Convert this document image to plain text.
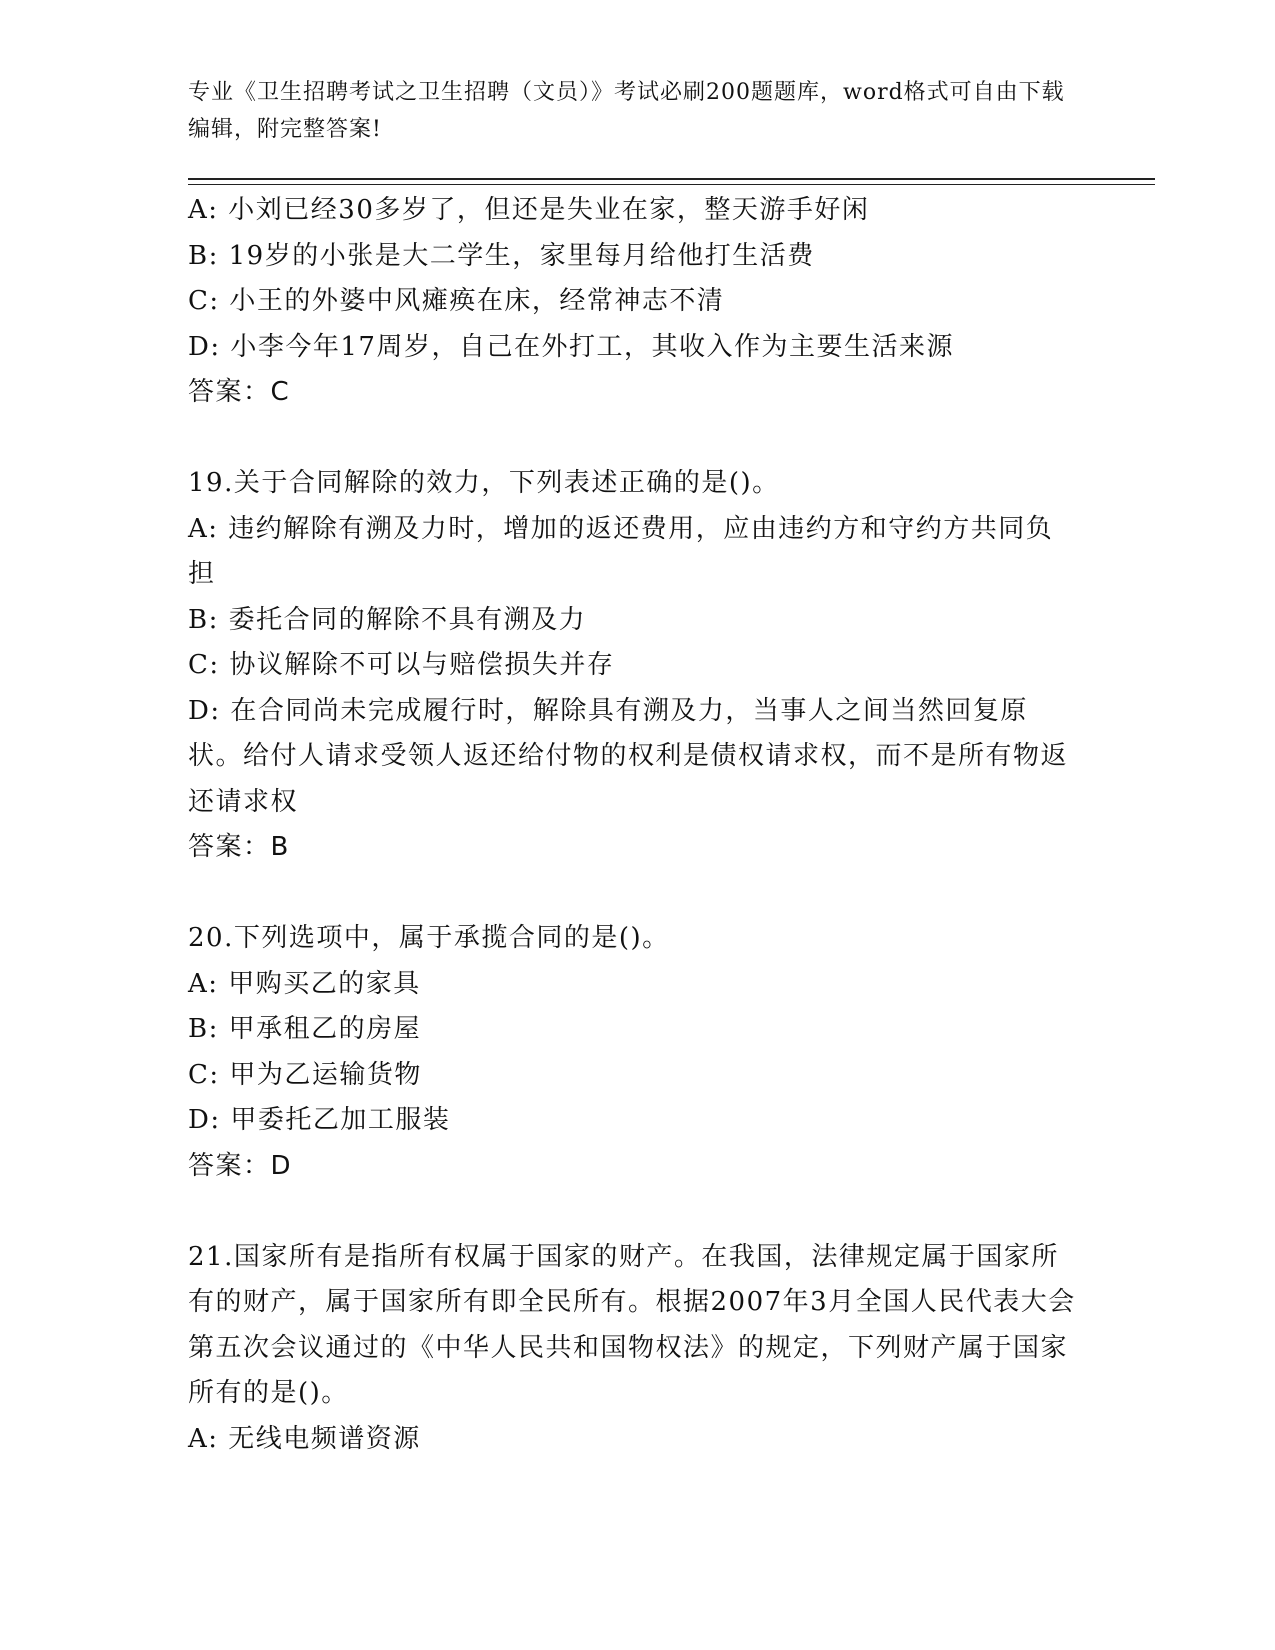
专业《卫生招聘考试之卫生招聘（文员）》考试必刷200题题库，word格式可自由下载编辑，附完整答案!
A: 小刘已经30多岁了，但还是失业在家，整天游手好闲
B: 19岁的小张是大二学生，家里每月给他打生活费
C: 小王的外婆中风瘫痪在床，经常神志不清
D: 小李今年17周岁，自己在外打工，其收入作为主要生活来源
答案：C
19.关于合同解除的效力，下列表述正确的是()。
A: 违约解除有溯及力时，增加的返还费用，应由违约方和守约方共同负担
B: 委托合同的解除不具有溯及力
C: 协议解除不可以与赔偿损失并存
D: 在合同尚未完成履行时，解除具有溯及力，当事人之间当然回复原状。给付人请求受领人返还给付物的权利是债权请求权，而不是所有物返还请求权
答案：B
20.下列选项中，属于承揽合同的是()。
A: 甲购买乙的家具
B: 甲承租乙的房屋
C: 甲为乙运输货物
D: 甲委托乙加工服装
答案：D
21.国家所有是指所有权属于国家的财产。在我国，法律规定属于国家所有的财产，属于国家所有即全民所有。根据2007年3月全国人民代表大会第五次会议通过的《中华人民共和国物权法》的规定，下列财产属于国家所有的是()。
A: 无线电频谱资源
